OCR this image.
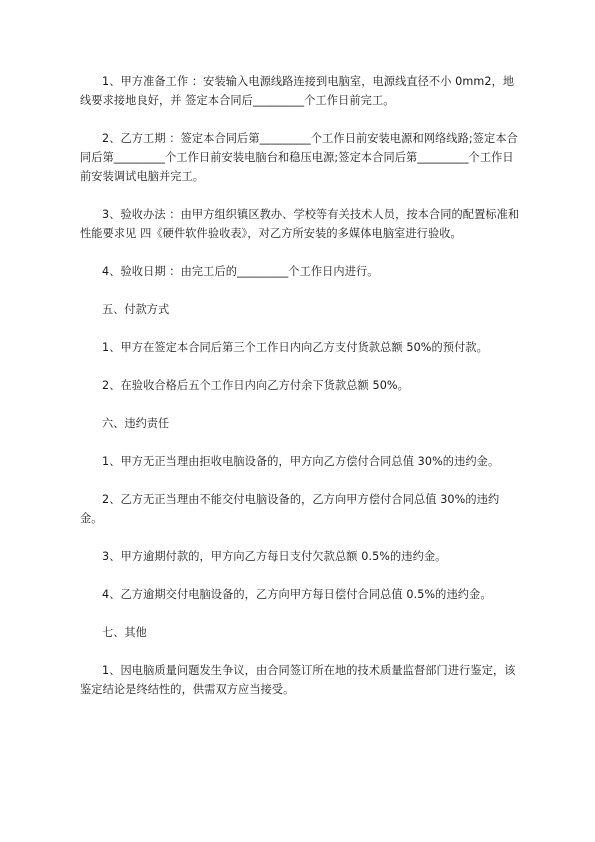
1、甲方准备工作 ：安装输入电源线路连接到电脑室，电源线直径不小 0mm2，地线要求接地良好，并 签定本合同后_________个工作日前完工。

2、乙方工期 ：签定本合同后第_________个工作日前安装电源和网络线路;签定本合同后第_________个工作日前安装电脑台和稳压电源;签定本合同后第_________个工作日前安装调试电脑并完工。

3、验收办法 ：由甲方组织镇区教办、学校等有关技术人员，按本合同的配置标准和性能要求见 四《硬件软件验收表》，对乙方所安装的多媒体电脑室进行验收。

4、验收日期 ：由完工后的_________个工作日内进行。

五、付款方式

1、甲方在签定本合同后第三个工作日内向乙方支付货款总额 50%的预付款。

2、在验收合格后五个工作日内向乙方付余下货款总额 50%。

六、违约责任

1、甲方无正当理由拒收电脑设备的，甲方向乙方偿付合同总值 30%的违约金。

2、乙方无正当理由不能交付电脑设备的，乙方向甲方偿付合同总值 30%的违约金。

3、甲方逾期付款的，甲方向乙方每日支付欠款总额 0.5%的违约金。

4、乙方逾期交付电脑设备的，乙方向甲方每日偿付合同总值 0.5%的违约金。

七、其他

1、因电脑质量问题发生争议，由合同签订所在地的技术质量监督部门进行鉴定，该鉴定结论是终结性的，供需双方应当接受。
